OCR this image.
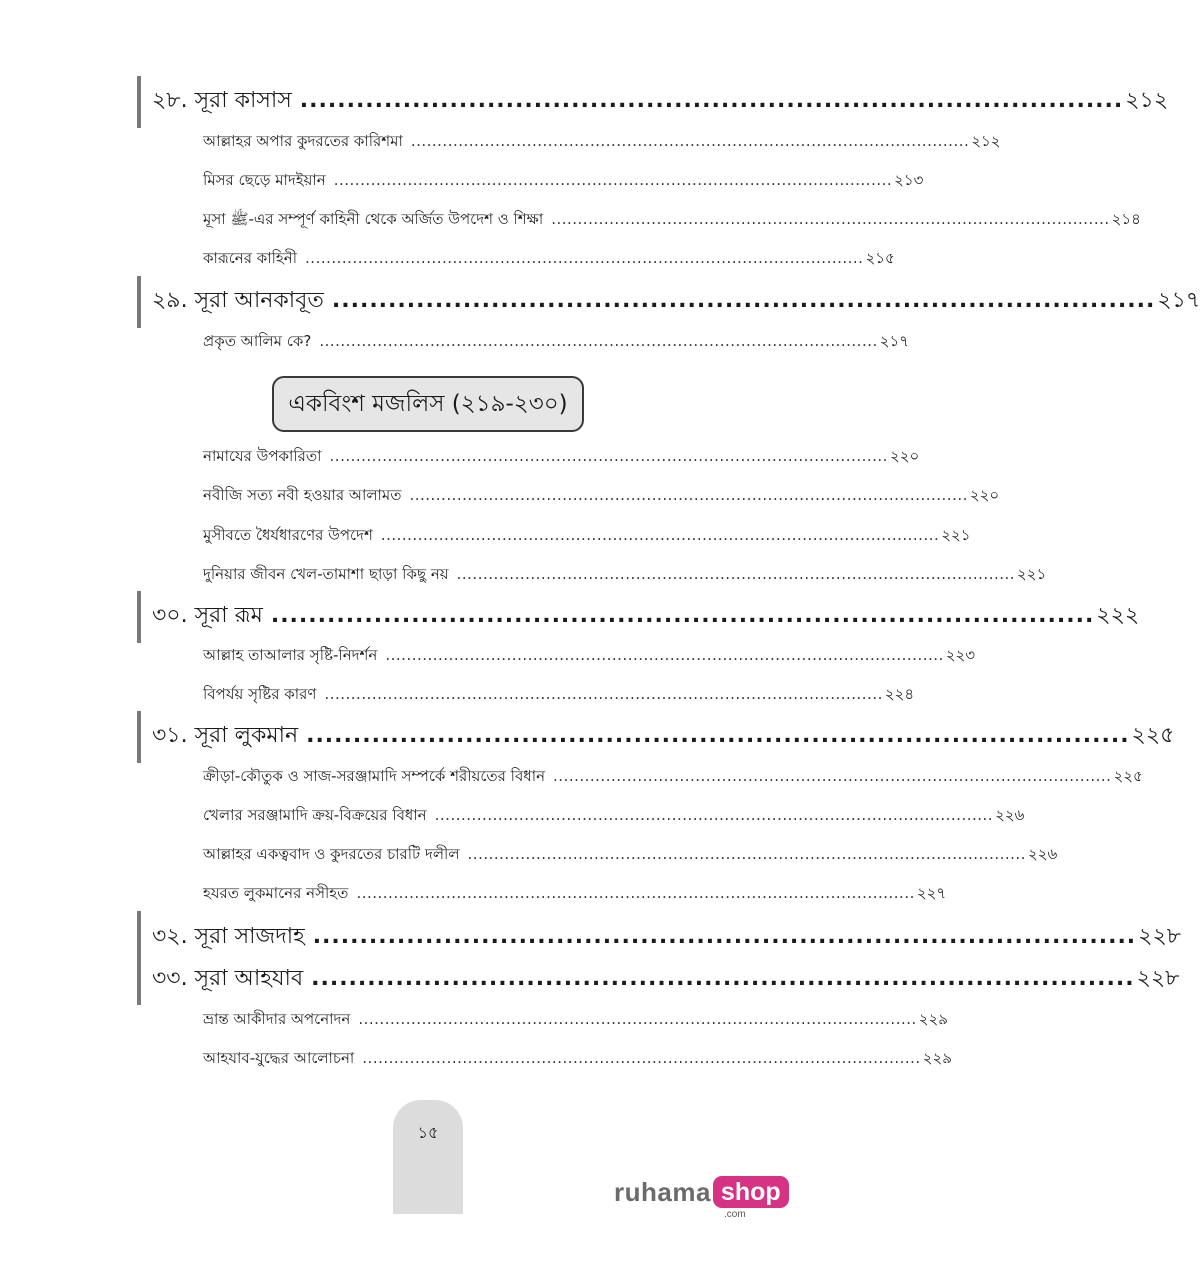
২৮. সূরা কাসাস ........................................................................................ ২১২
আল্লাহর অপার কুদরতের কারিশমা .......................................................................................................... ২১২
মিসর ছেড়ে মাদইয়ান .......................................................................................................... ২১৩
মূসা ﷺ-এর সম্পূর্ণ কাহিনী থেকে অর্জিত উপদেশ ও শিক্ষা .......................................................................................................... ২১৪
কারূনের কাহিনী .......................................................................................................... ২১৫
২৯. সূরা আনকাবূত ........................................................................................ ২১৭
প্রকৃত আলিম কে? .......................................................................................................... ২১৭
একবিংশ মজলিস (২১৯-২৩০)
নামাযের উপকারিতা .......................................................................................................... ২২০
নবীজি সত্য নবী হওয়ার আলামত .......................................................................................................... ২২০
মুসীবতে ধৈর্যধারণের উপদেশ .......................................................................................................... ২২১
দুনিয়ার জীবন খেল-তামাশা ছাড়া কিছু নয় .......................................................................................................... ২২১
৩০. সূরা রূম ........................................................................................ ২২২
আল্লাহ তাআলার সৃষ্টি-নিদর্শন .......................................................................................................... ২২৩
বিপর্যয় সৃষ্টির কারণ .......................................................................................................... ২২৪
৩১. সূরা লুকমান ........................................................................................ ২২৫
ক্রীড়া-কৌতুক ও সাজ-সরঞ্জামাদি সম্পর্কে শরীয়তের বিধান .......................................................................................................... ২২৫
খেলার সরঞ্জামাদি ক্রয়-বিক্রয়ের বিধান .......................................................................................................... ২২৬
আল্লাহর একত্ববাদ ও কুদরতের চারটি দলীল .......................................................................................................... ২২৬
হযরত লুকমানের নসীহত .......................................................................................................... ২২৭
৩২. সূরা সাজদাহ ........................................................................................ ২২৮
৩৩. সূরা আহযাব ........................................................................................ ২২৮
ভ্রান্ত আকীদার অপনোদন .......................................................................................................... ২২৯
আহযাব-যুদ্ধের আলোচনা .......................................................................................................... ২২৯
১৫
ruhama shop
.com
